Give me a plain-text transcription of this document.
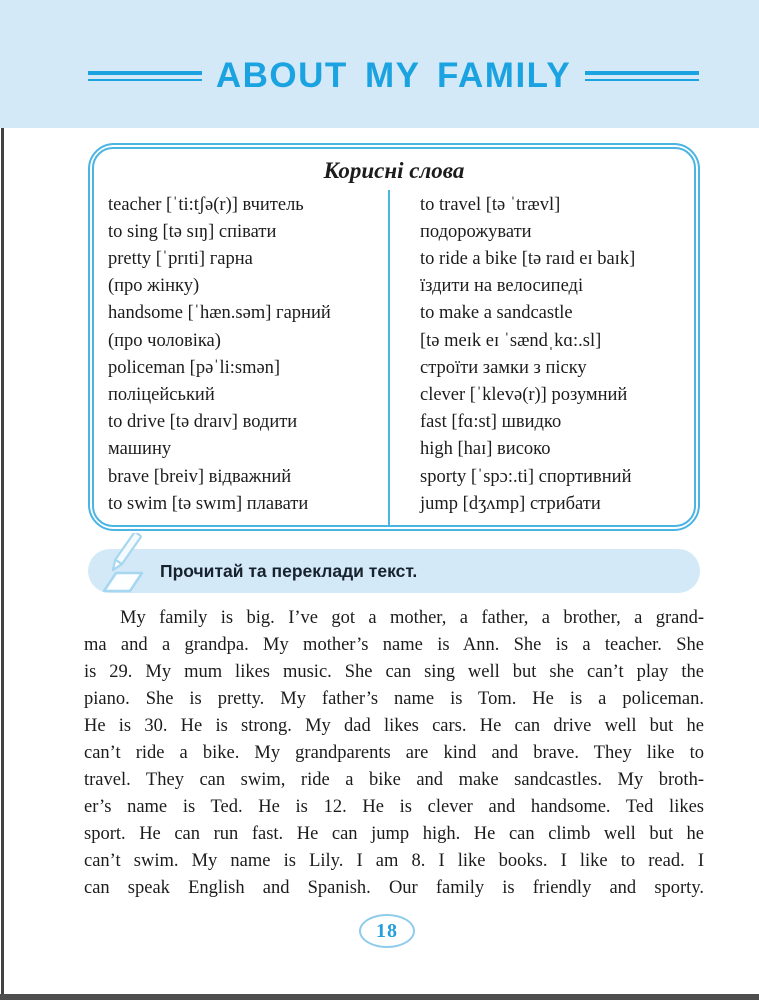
ABOUT MY FAMILY
Корисні слова
teacher [ˈti:tʃə(r)] вчитель
to sing [tə sɪŋ] співати
pretty [ˈprɪti] гарна
(про жінку)
handsome [ˈhæn.səm] гарний
(про чоловіка)
policeman [pəˈli:smən]
поліцейський
to drive [tə draɪv] водити
машину
brave [breiv] відважний
to swim [tə swɪm] плавати
to travel [tə ˈtrævl]
подорожувати
to ride a bike [tə raɪd eɪ baɪk]
їздити на велосипеді
to make a sandcastle
[tə meɪk eɪ ˈsændˌkɑ:.sl]
строїти замки з піску
clever [ˈklevə(r)] розумний
fast [fɑ:st] швидко
high [haɪ] високо
sporty [ˈspɔ:.ti] спортивний
jump [dʒʌmp] стрибати
Прочитай та переклади текст.
My family is big. I’ve got a mother, a father, a brother, a grand-
ma and a grandpa. My mother’s name is Ann. She is a teacher. She
is 29. My mum likes music. She can sing well but she can’t play the
piano. She is pretty. My father’s name is Tom. He is a policeman.
He is 30. He is strong. My dad likes cars. He can drive well but he
can’t ride a bike. My grandparents are kind and brave. They like to
travel. They can swim, ride a bike and make sandcastles. My broth-
er’s name is Ted. He is 12. He is clever and handsome. Ted likes
sport. He can run fast. He can jump high. He can climb well but he
can’t swim. My name is Lily. I am 8. I like books. I like to read. I
can speak English and Spanish. Our family is friendly and sporty.
18
